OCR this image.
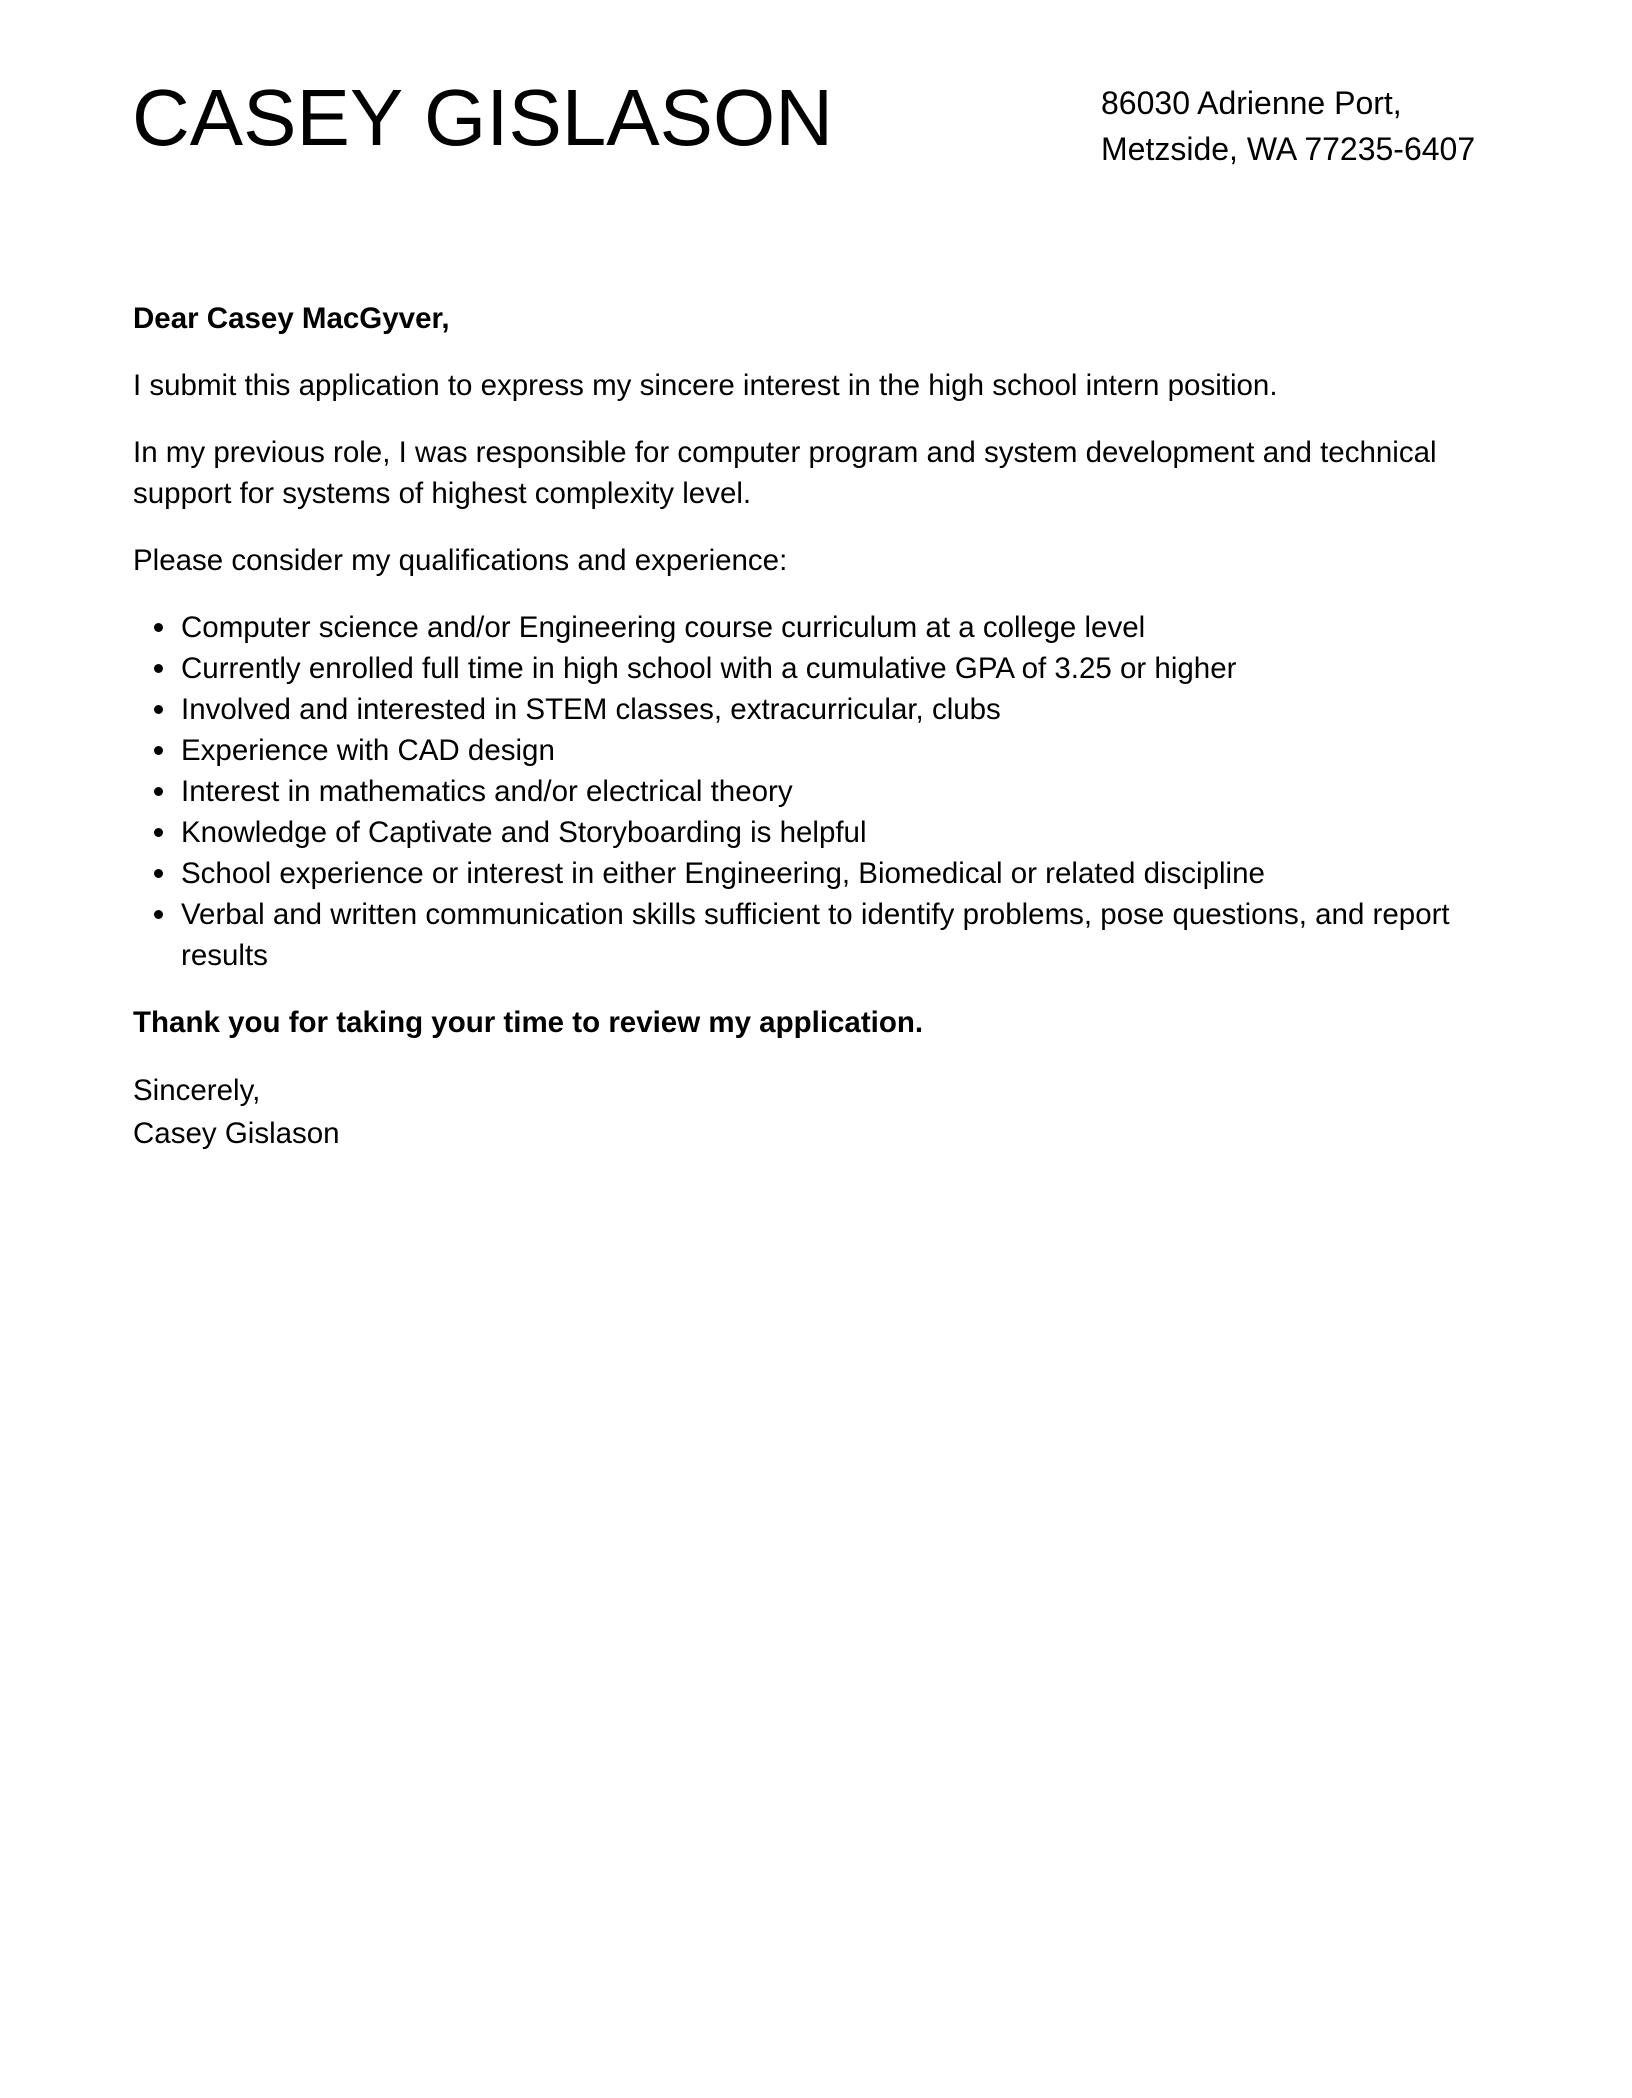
CASEY GISLASON	86030 Adrienne Port,
Metzside, WA 77235-6407

Dear Casey MacGyver,

I submit this application to express my sincere interest in the high school intern position.

In my previous role, I was responsible for computer program and system development and technical support for systems of highest complexity level.

Please consider my qualifications and experience:

Computer science and/or Engineering course curriculum at a college level
Currently enrolled full time in high school with a cumulative GPA of 3.25 or higher
Involved and interested in STEM classes, extracurricular, clubs
Experience with CAD design
Interest in mathematics and/or electrical theory
Knowledge of Captivate and Storyboarding is helpful
School experience or interest in either Engineering, Biomedical or related discipline
Verbal and written communication skills sufficient to identify problems, pose questions, and report results

Thank you for taking your time to review my application.

Sincerely,
Casey Gislason
